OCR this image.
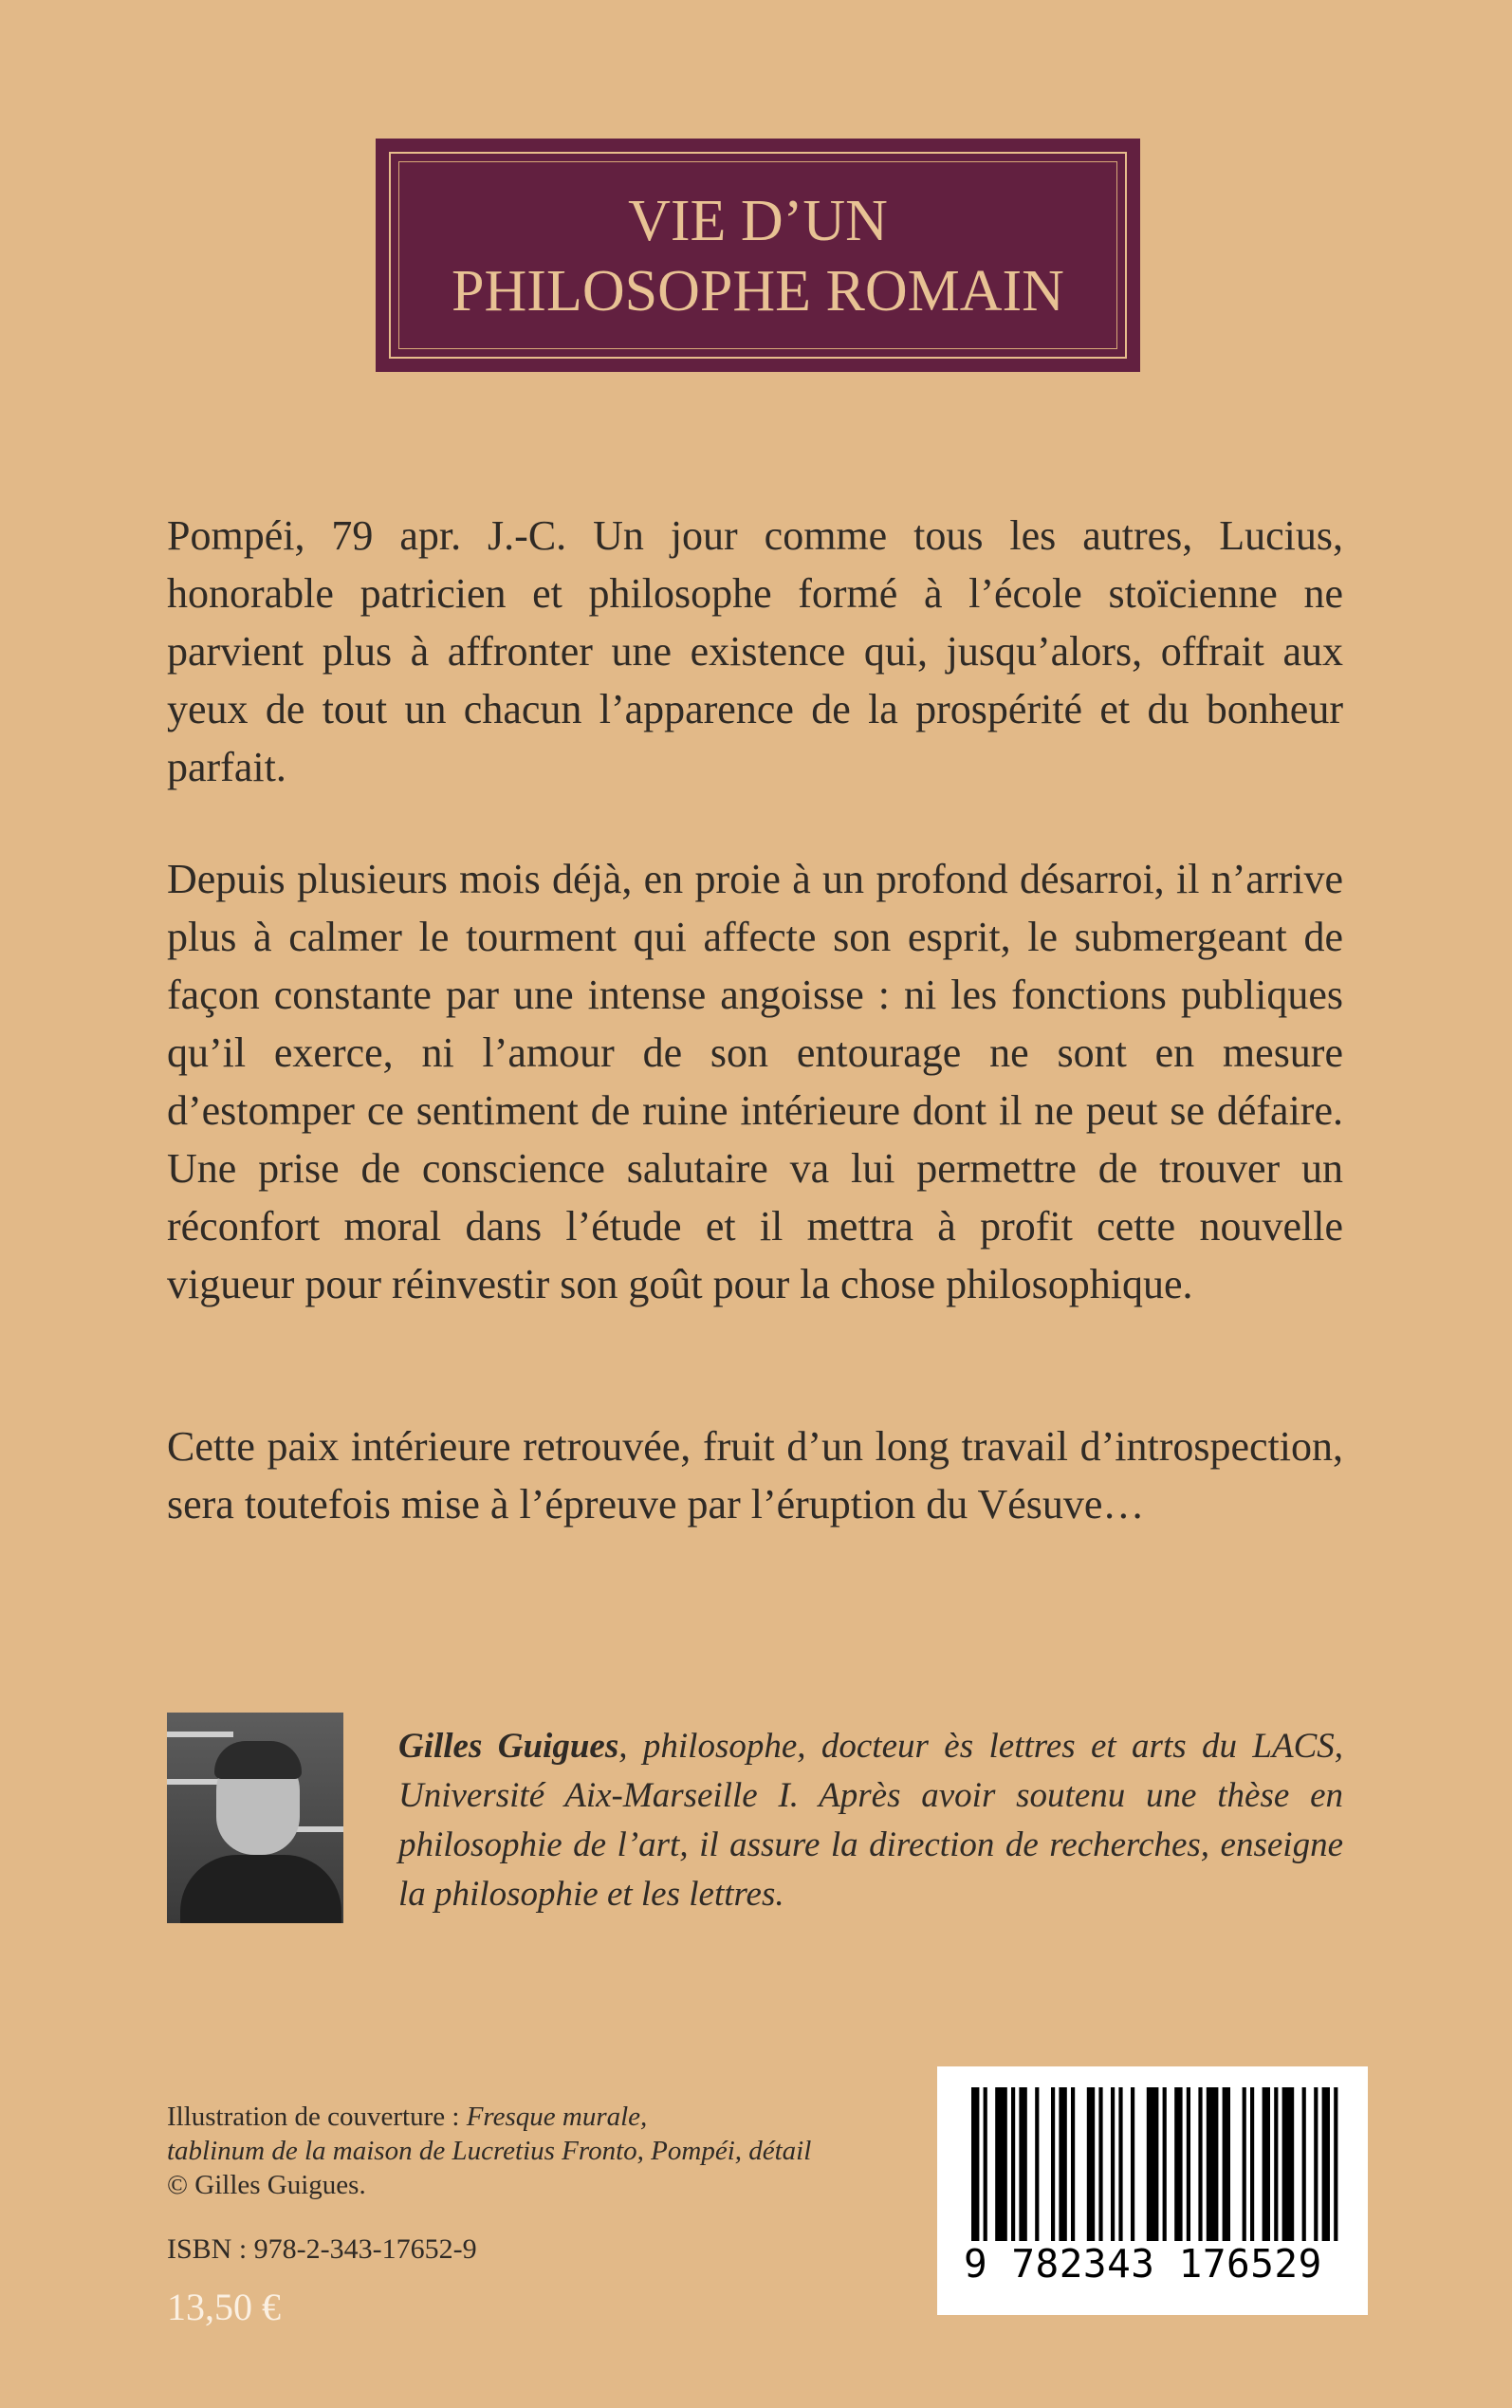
VIE D’UN
PHILOSOPHE ROMAIN

Pompéi, 79 apr. J.-C. Un jour comme tous les autres, Lucius, honorable patricien et philosophe formé à l’école stoïcienne ne parvient plus à affronter une existence qui, jusqu’alors, offrait aux yeux de tout un chacun l’apparence de la prospérité et du bonheur parfait.

Depuis plusieurs mois déjà, en proie à un profond désarroi, il n’arrive plus à calmer le tourment qui affecte son esprit, le submergeant de façon constante par une intense angoisse : ni les fonctions publiques qu’il exerce, ni l’amour de son entourage ne sont en mesure d’estomper ce sentiment de ruine intérieure dont il ne peut se défaire. Une prise de conscience salutaire va lui permettre de trouver un réconfort moral dans l’étude et il mettra à profit cette nouvelle vigueur pour réinvestir son goût pour la chose philosophique.

Cette paix intérieure retrouvée, fruit d’un long travail d’introspection, sera toutefois mise à l’épreuve par l’éruption du Vésuve…

Gilles Guigues, philosophe, docteur ès lettres et arts du LACS, Université Aix-Marseille I. Après avoir soutenu une thèse en philosophie de l’art, il assure la direction de recherches, enseigne la philosophie et les lettres.

Illustration de couverture : Fresque murale,
tablinum de la maison de Lucretius Fronto, Pompéi, détail
© Gilles Guigues.

ISBN : 978-2-343-17652-9

13,50 €

9 782343 176529
